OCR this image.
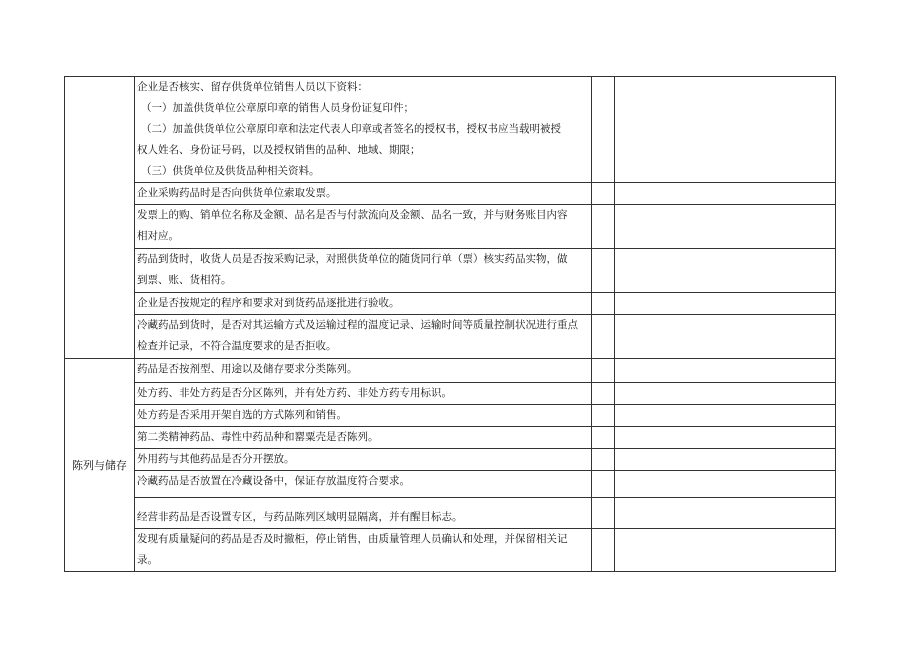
	企业是否核实、留存供货单位销售人员以下资料：
（一）加盖供货单位公章原印章的销售人员身份证复印件；
（二）加盖供货单位公章原印章和法定代表人印章或者签名的授权书，授权书应当载明被授
权人姓名、身份证号码，以及授权销售的品种、地域、期限；
（三）供货单位及供货品种相关资料。		

	企业采购药品时是否向供货单位索取发票。		

	发票上的购、销单位名称及金额、品名是否与付款流向及金额、品名一致，并与财务账目内容
相对应。		

	药品到货时，收货人员是否按采购记录，对照供货单位的随货同行单（票）核实药品实物，做
到票、账、货相符。		

	企业是否按规定的程序和要求对到货药品逐批进行验收。		

	冷藏药品到货时，是否对其运输方式及运输过程的温度记录、运输时间等质量控制状况进行重点
检查并记录，不符合温度要求的是否拒收。		

陈列与储存	药品是否按剂型、用途以及储存要求分类陈列。		

	处方药、非处方药是否分区陈列，并有处方药、非处方药专用标识。		

	处方药是否采用开架自选的方式陈列和销售。		

	第二类精神药品、毒性中药品种和罂粟壳是否陈列。		

	外用药与其他药品是否分开摆放。		

	冷藏药品是否放置在冷藏设备中，保证存放温度符合要求。		

	经营非药品是否设置专区，与药品陈列区域明显隔离，并有醒目标志。		

	发现有质量疑问的药品是否及时撤柜，停止销售，由质量管理人员确认和处理，并保留相关记
录。		
